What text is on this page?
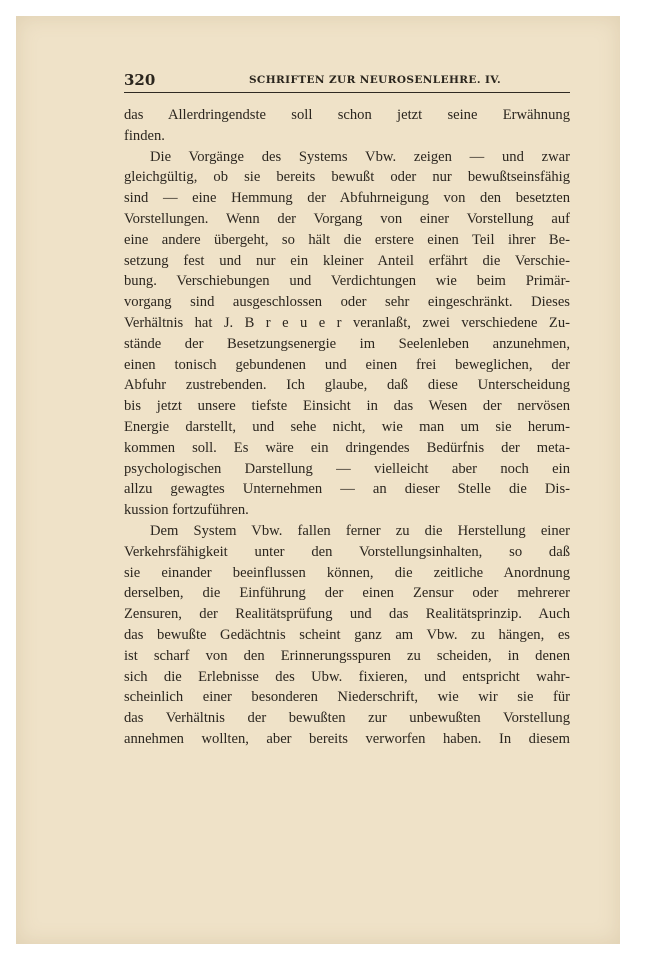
320	SCHRIFTEN ZUR NEUROSENLEHRE. IV.
das Allerdringendste soll schon jetzt seine Erwähnung
finden.
Die Vorgänge des Systems Vbw. zeigen — und zwar
gleichgültig, ob sie bereits bewußt oder nur bewußtseinsfähig
sind — eine Hemmung der Abfuhrneigung von den besetzten
Vorstellungen. Wenn der Vorgang von einer Vorstellung auf
eine andere übergeht, so hält die erstere einen Teil ihrer Be-
setzung fest und nur ein kleiner Anteil erfährt die Verschie-
bung. Verschiebungen und Verdichtungen wie beim Primär-
vorgang sind ausgeschlossen oder sehr eingeschränkt. Dieses
Verhältnis hat J. B r e u e r veranlaßt, zwei verschiedene Zu-
stände der Besetzungsenergie im Seelenleben anzunehmen,
einen tonisch gebundenen und einen frei beweglichen, der
Abfuhr zustrebenden. Ich glaube, daß diese Unterscheidung
bis jetzt unsere tiefste Einsicht in das Wesen der nervösen
Energie darstellt, und sehe nicht, wie man um sie herum-
kommen soll. Es wäre ein dringendes Bedürfnis der meta-
psychologischen Darstellung — vielleicht aber noch ein
allzu gewagtes Unternehmen — an dieser Stelle die Dis-
kussion fortzuführen.
Dem System Vbw. fallen ferner zu die Herstellung einer
Verkehrsfähigkeit unter den Vorstellungsinhalten, so daß
sie einander beeinflussen können, die zeitliche Anordnung
derselben, die Einführung der einen Zensur oder mehrerer
Zensuren, der Realitätsprüfung und das Realitätsprinzip. Auch
das bewußte Gedächtnis scheint ganz am Vbw. zu hängen, es
ist scharf von den Erinnerungsspuren zu scheiden, in denen
sich die Erlebnisse des Ubw. fixieren, und entspricht wahr-
scheinlich einer besonderen Niederschrift, wie wir sie für
das Verhältnis der bewußten zur unbewußten Vorstellung
annehmen wollten, aber bereits verworfen haben. In diesem
